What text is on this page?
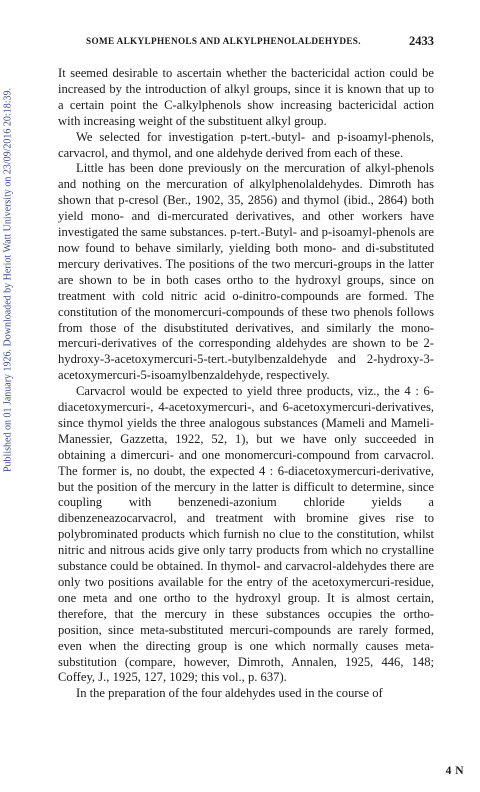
Published on 01 January 1926. Downloaded by Heriot Watt University on 23/09/2016 20:18:39.
SOME ALKYLPHENOLS AND ALKYLPHENOLALDEHYDES.	2433

It seemed desirable to ascertain whether the bactericidal action could be increased by the introduction of alkyl groups, since it is known that up to a certain point the C-alkylphenols show increasing bactericidal action with increasing weight of the substituent alkyl group.

We selected for investigation p-tert.-butyl- and p-isoamyl-phenols, carvacrol, and thymol, and one aldehyde derived from each of these.

Little has been done previously on the mercuration of alkyl-phenols and nothing on the mercuration of alkylphenolaldehydes. Dimroth has shown that p-cresol (Ber., 1902, 35, 2856) and thymol (ibid., 2864) both yield mono- and di-mercurated derivatives, and other workers have investigated the same substances. p-tert.-Butyl- and p-isoamyl-phenols are now found to behave similarly, yielding both mono- and di-substituted mercury derivatives. The positions of the two mercuri-groups in the latter are shown to be in both cases ortho to the hydroxyl groups, since on treatment with cold nitric acid o-dinitro-compounds are formed. The constitution of the monomercuri-compounds of these two phenols follows from those of the disubstituted derivatives, and similarly the mono-mercuri-derivatives of the corresponding aldehydes are shown to be 2-hydroxy-3-acetoxymercuri-5-tert.-butylbenzaldehyde and 2-hydroxy-3-acetoxymercuri-5-isoamylbenzaldehyde, respectively.

Carvacrol would be expected to yield three products, viz., the 4 : 6-diacetoxymercuri-, 4-acetoxymercuri-, and 6-acetoxymercuri-derivatives, since thymol yields the three analogous substances (Mameli and Mameli-Manessier, Gazzetta, 1922, 52, 1), but we have only succeeded in obtaining a dimercuri- and one monomercuri-compound from carvacrol. The former is, no doubt, the expected 4 : 6-diacetoxymercuri-derivative, but the position of the mercury in the latter is difficult to determine, since coupling with benzenedi-azonium chloride yields a dibenzeneazocarvacrol, and treatment with bromine gives rise to polybrominated products which furnish no clue to the constitution, whilst nitric and nitrous acids give only tarry products from which no crystalline substance could be obtained. In thymol- and carvacrol-aldehydes there are only two positions available for the entry of the acetoxymercuri-residue, one meta and one ortho to the hydroxyl group. It is almost certain, therefore, that the mercury in these substances occupies the ortho-position, since meta-substituted mercuri-compounds are rarely formed, even when the directing group is one which normally causes meta-substitution (compare, however, Dimroth, Annalen, 1925, 446, 148; Coffey, J., 1925, 127, 1029; this vol., p. 637).

In the preparation of the four aldehydes used in the course of

4 N
